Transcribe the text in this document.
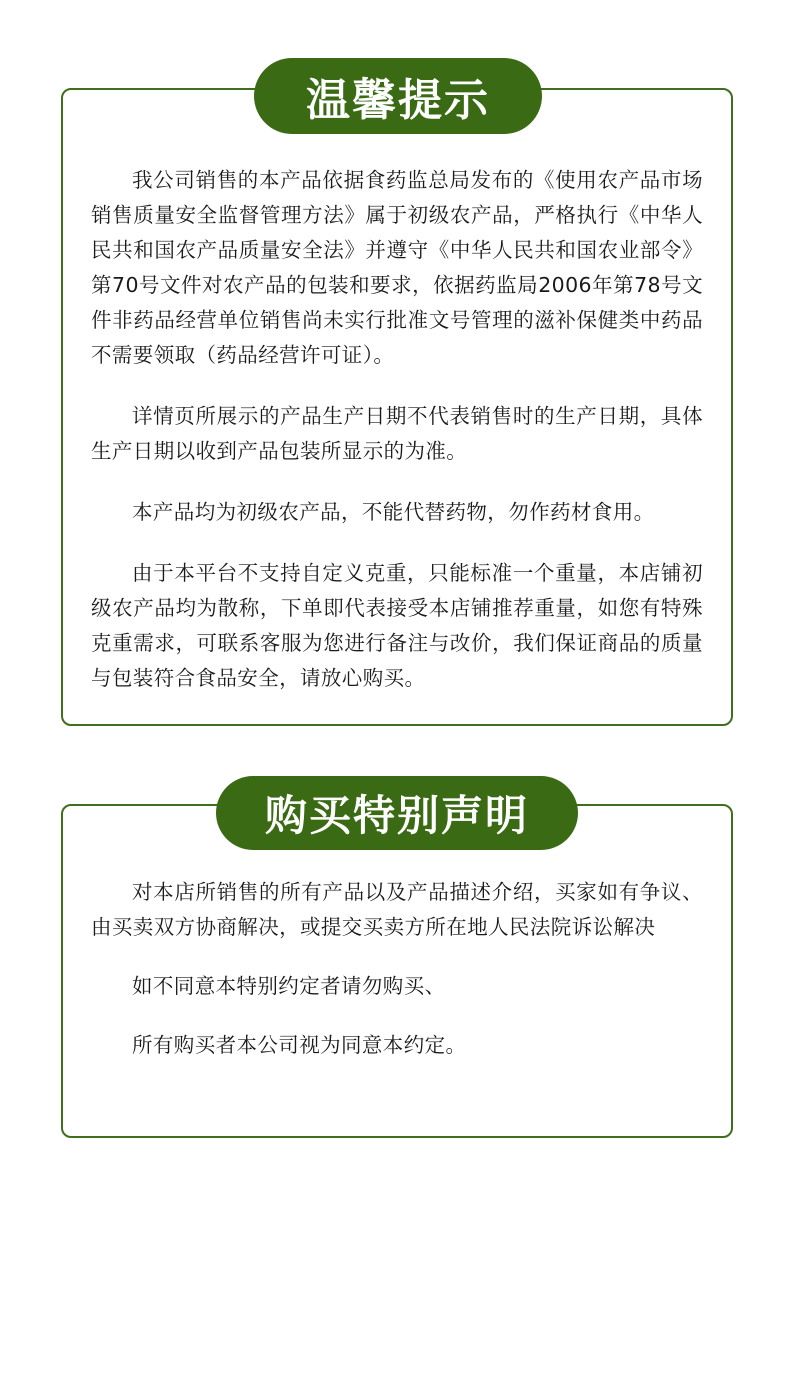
我公司销售的本产品依据食药监总局发布的《使用农产品市场销售质量安全监督管理方法》属于初级农产品，严格执行《中华人民共和国农产品质量安全法》并遵守《中华人民共和国农业部令》第70号文件对农产品的包装和要求，依据药监局2006年第78号文件非药品经营单位销售尚未实行批准文号管理的滋补保健类中药品不需要领取（药品经营许可证）。

详情页所展示的产品生产日期不代表销售时的生产日期，具体生产日期以收到产品包装所显示的为准。

本产品均为初级农产品，不能代替药物，勿作药材食用。

由于本平台不支持自定义克重，只能标准一个重量，本店铺初级农产品均为散称，下单即代表接受本店铺推荐重量，如您有特殊克重需求，可联系客服为您进行备注与改价，我们保证商品的质量与包装符合食品安全，请放心购买。

温馨提示

对本店所销售的所有产品以及产品描述介绍，买家如有争议、由买卖双方协商解决，或提交买卖方所在地人民法院诉讼解决

如不同意本特别约定者请勿购买、

所有购买者本公司视为同意本约定。

购买特别声明
